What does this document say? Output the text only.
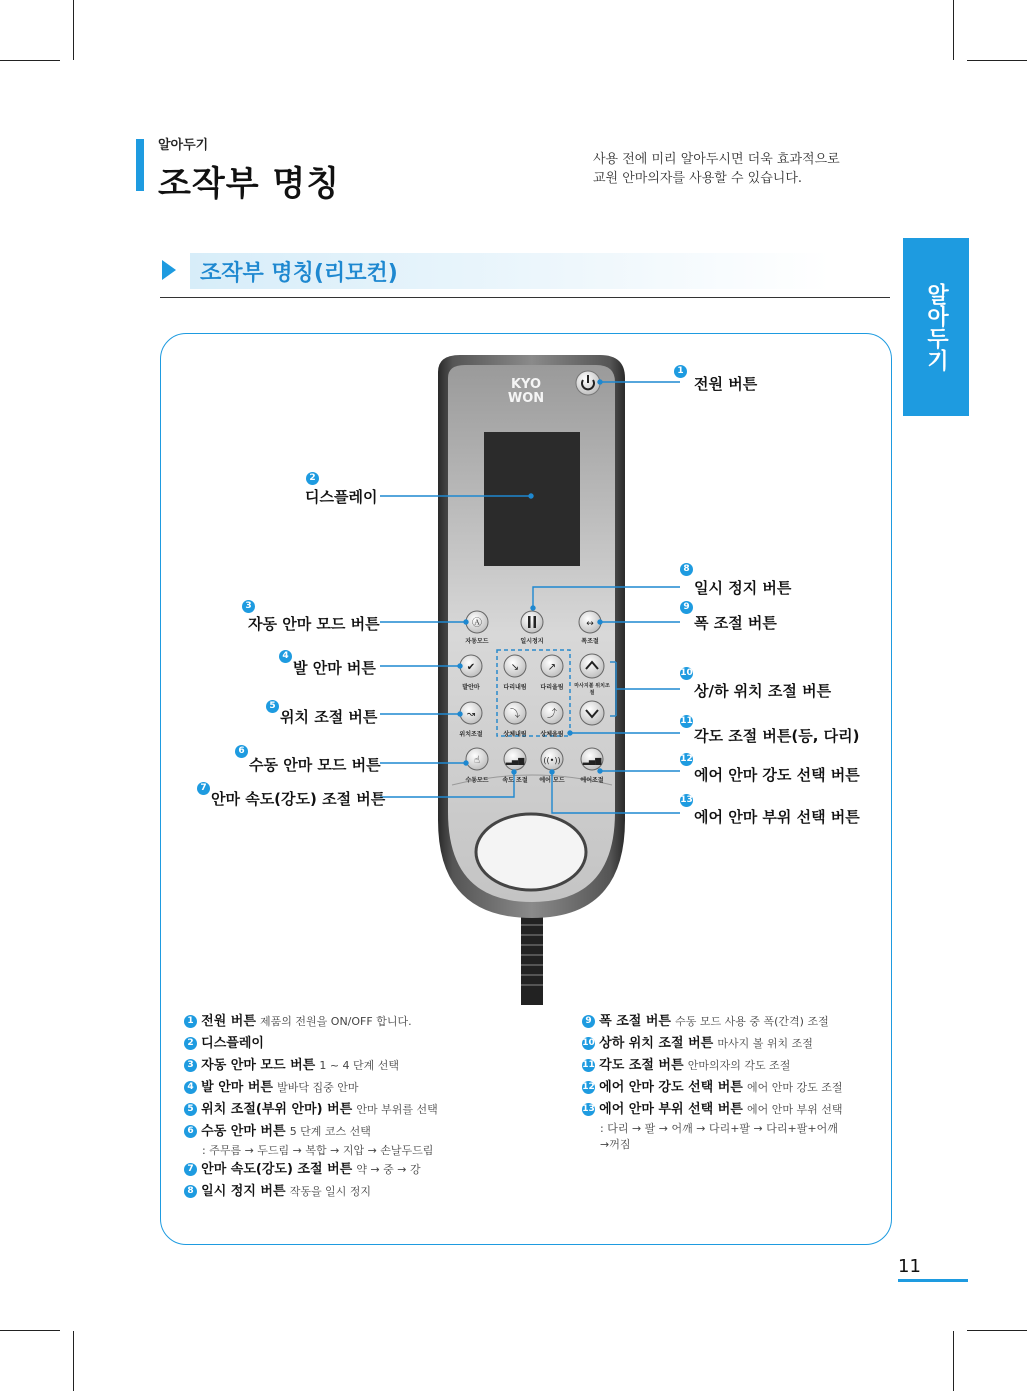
알아두기
조작부 명칭
사용 전에 미리 알아두시면 더욱 효과적으로
교원 안마의자를 사용할 수 있습니다.
알아두기
조작부 명칭(리모컨)
Ⓐ	↔
✔	↘	↗
↝	⤵	⤴
☝	▂▄▆ ((•))	▂▄▆
KYO
WON
자동모드	일시정지	폭조절
발안마	다리내림	다리올림	마사지볼 위치조절
위치조절	상체내림	상체올림
수동모드	속도 조절	에어 모드	에어조절
1
전원 버튼
2
디스플레이
3
자동 안마 모드 버튼
4
발 안마 버튼
5
위치 조절 버튼
6
수동 안마 모드 버튼
7
안마 속도(강도) 조절 버튼
8
일시 정지 버튼
9
폭 조절 버튼
10
상/하 위치 조절 버튼
11
각도 조절 버튼(등, 다리)
12
에어 안마 강도 선택 버튼
13
에어 안마 부위 선택 버튼
1 전원 버튼 제품의 전원을 ON/OFF 합니다.
2 디스플레이
3 자동 안마 모드 버튼 1 ~ 4 단계 선택
4 발 안마 버튼 발바닥 집중 안마
5 위치 조절(부위 안마) 버튼 안마 부위를 선택
6 수동 안마 버튼 5 단계 코스 선택
: 주무름 → 두드림 → 복합 → 지압 → 손날두드림
7 안마 속도(강도) 조절 버튼 약 → 중 → 강
8 일시 정지 버튼 작동을 일시 정지
9 폭 조절 버튼 수동 모드 사용 중 폭(간격) 조절
10 상하 위치 조절 버튼 마사지 볼 위치 조절
11 각도 조절 버튼 안마의자의 각도 조절
12 에어 안마 강도 선택 버튼 에어 안마 강도 조절
13 에어 안마 부위 선택 버튼 에어 안마 부위 선택
: 다리 → 팔 → 어깨 → 다리+팔 → 다리+팔+어깨
→꺼짐
11
